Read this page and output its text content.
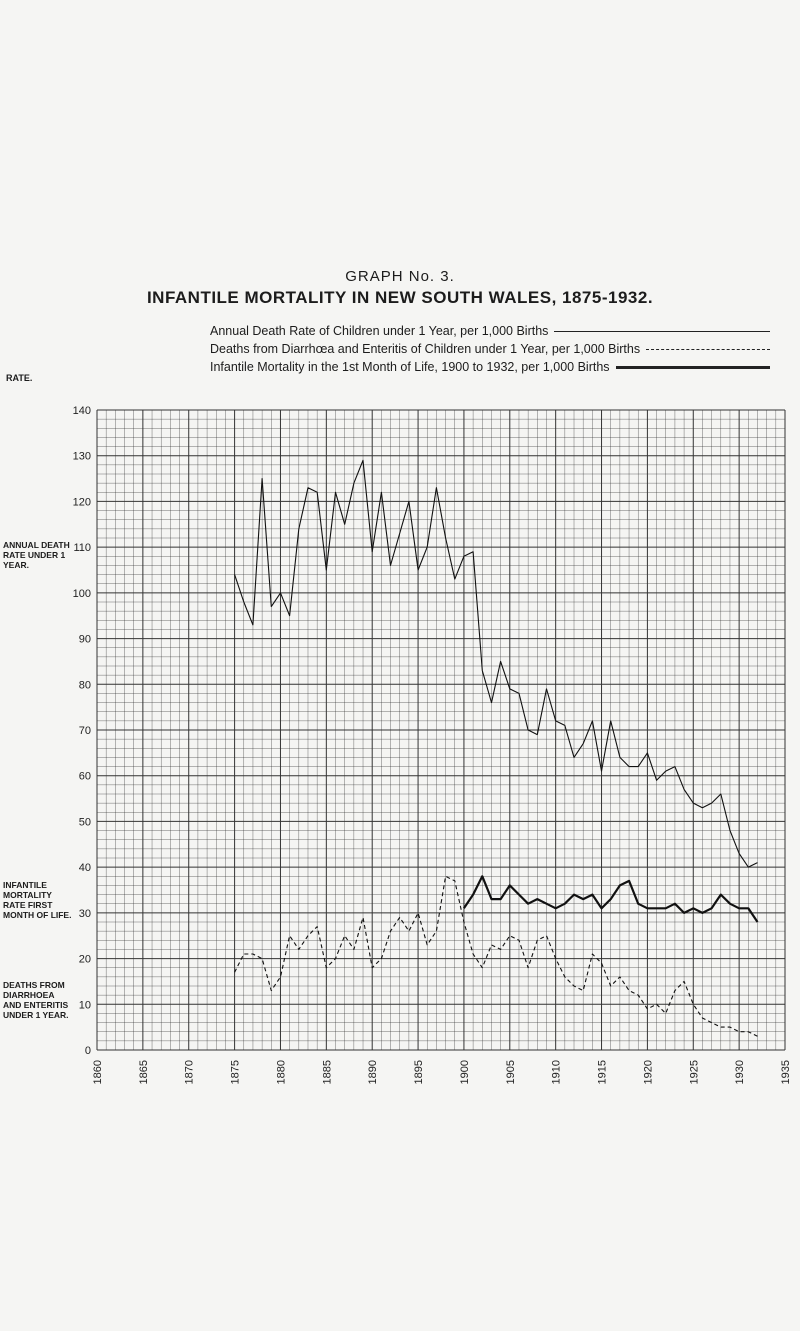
GRAPH No. 3.
INFANTILE MORTALITY IN NEW SOUTH WALES, 1875-1932.
Annual Death Rate of Children under 1 Year, per 1,000 Births
Deaths from Diarrhœa and Enteritis of Children under 1 Year, per 1,000 Births
Infantile Mortality in the 1st Month of Life, 1900 to 1932, per 1,000 Births
RATE.
ANNUAL DEATH RATE UNDER 1 YEAR.
INFANTILE MORTALITY RATE FIRST MONTH OF LIFE.
DEATHS FROM DIARRHOEA AND ENTERITIS UNDER 1 YEAR.
0
10
20
30
40
50
60
70
80
90
100
110
120
130
140
1860	1865	1870	1875	1880	1885	1890	1895	1900	1905	1910	1915	1920	1925	1930	1935
